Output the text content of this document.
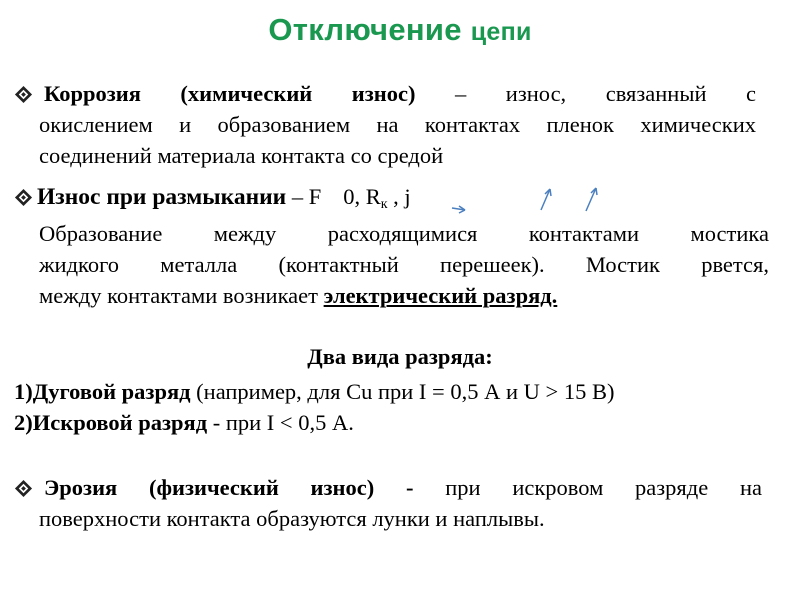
Отключение цепи
Коррозия (химический износ) – износ, связанный с
окислением и образованием на контактах пленок химических
соединений материала контакта со средой
Износ при размыкании – F 0, $R_к$ , j
Образование между расходящимися контактами мостика
жидкого металла (контактный перешеек). Мостик рвется,
между контактами возникает электрический разряд.
Два вида разряда:
1)Дуговой разряд (например, для Cu при I = 0,5 А и U > 15 В)
2)Искровой разряд - при I < 0,5 А.
Эрозия (физический износ) - при искровом разряде на
поверхности контакта образуются лунки и наплывы.
